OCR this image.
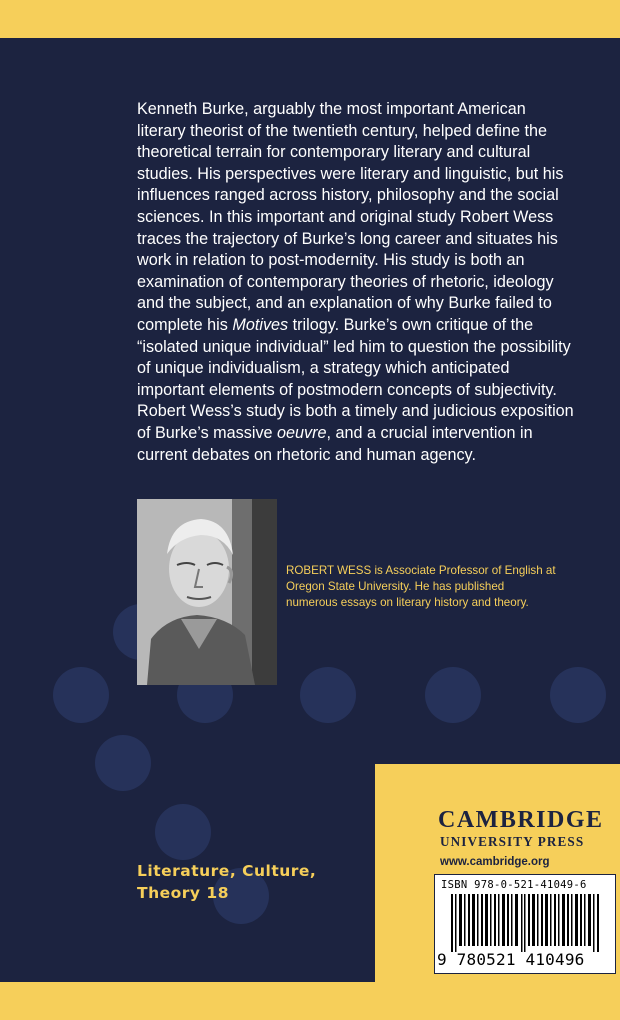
Kenneth Burke, arguably the most important American literary theorist of the twentieth century, helped define the theoretical terrain for contemporary literary and cultural studies. His perspectives were literary and linguistic, but his influences ranged across history, philosophy and the social sciences. In this important and original study Robert Wess traces the trajectory of Burke’s long career and situates his work in relation to post-modernity. His study is both an examination of contemporary theories of rhetoric, ideology and the subject, and an explanation of why Burke failed to complete his Motives trilogy. Burke’s own critique of the “isolated unique individual” led him to question the possibility of unique individualism, a strategy which anticipated important elements of postmodern concepts of subjectivity. Robert Wess’s study is both a timely and judicious exposition of Burke’s massive oeuvre, and a crucial intervention in current debates on rhetoric and human agency.

ROBERT WESS is Associate Professor of English at Oregon State University. He has published numerous essays on literary history and theory.

Literature, Culture,
Theory 18

CAMBRIDGE
UNIVERSITY PRESS
www.cambridge.org
ISBN 978-0-521-41049-6
9 780521 410496
